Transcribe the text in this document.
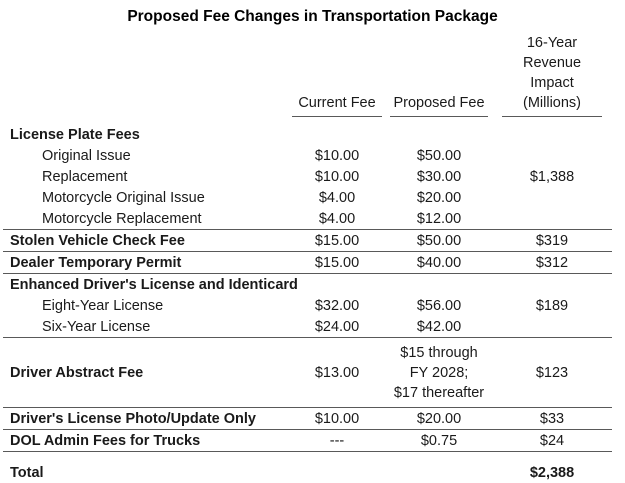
Proposed Fee Changes in Transportation Package

	Current Fee	Proposed Fee	16-Year
Revenue Impact
(Millions)

License Plate Fees			
Original Issue	$10.00	$50.00	
Replacement	$10.00	$30.00	$1,388
Motorcycle Original Issue	$4.00	$20.00	
Motorcycle Replacement	$4.00	$12.00	
Stolen Vehicle Check Fee	$15.00	$50.00	$319
Dealer Temporary Permit	$15.00	$40.00	$312
Enhanced Driver's License and Identicard			
Eight-Year License	$32.00	$56.00	$189
Six-Year License	$24.00	$42.00	
Driver Abstract Fee	$13.00	$15 through
FY 2028;
$17 thereafter	$123
Driver's License Photo/Update Only	$10.00	$20.00	$33
DOL Admin Fees for Trucks	---	$0.75	$24
Total			$2,388
